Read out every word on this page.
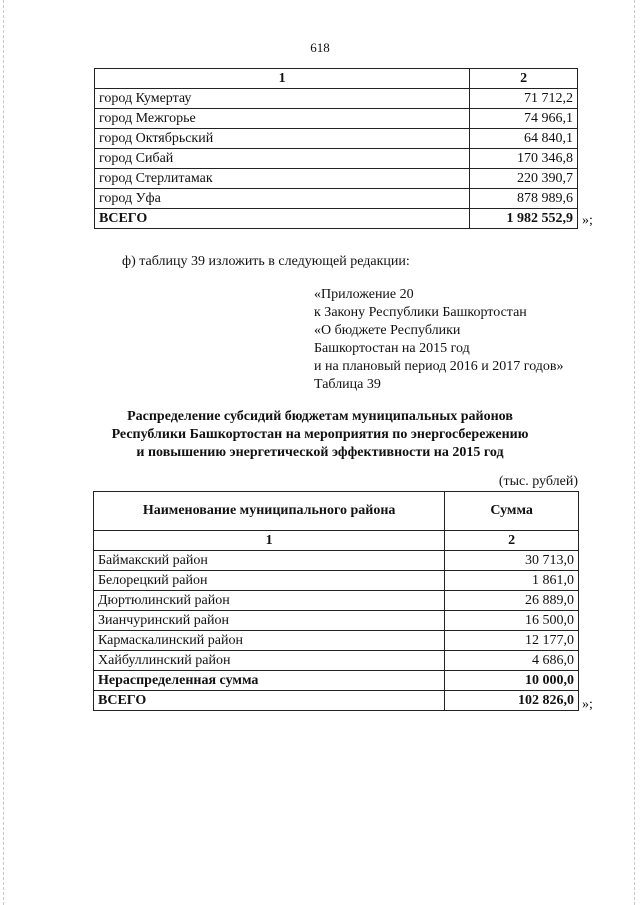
618
1	2
город Кумертау	71 712,2
город Межгорье	74 966,1
город Октябрьский	64 840,1
город Сибай	170 346,8
город Стерлитамак	220 390,7
город Уфа	878 989,6
ВСЕГО	1 982 552,9 »;
ф) таблицу 39 изложить в следующей редакции:
«Приложение 20
к Закону Республики Башкортостан
«О бюджете Республики
Башкортостан на 2015 год
и на плановый период 2016 и 2017 годов»
Таблица 39
Распределение субсидий бюджетам муниципальных районов
Республики Башкортостан на мероприятия по энергосбережению
и повышению энергетической эффективности на 2015 год
(тыс. рублей)
Наименование муниципального района	Сумма
1	2
Баймакский район	30 713,0
Белорецкий район	1 861,0
Дюртюлинский район	26 889,0
Зианчуринский район	16 500,0
Кармаскалинский район	12 177,0
Хайбуллинский район	4 686,0
Нераспределенная сумма	10 000,0
ВСЕГО	102 826,0 »;
